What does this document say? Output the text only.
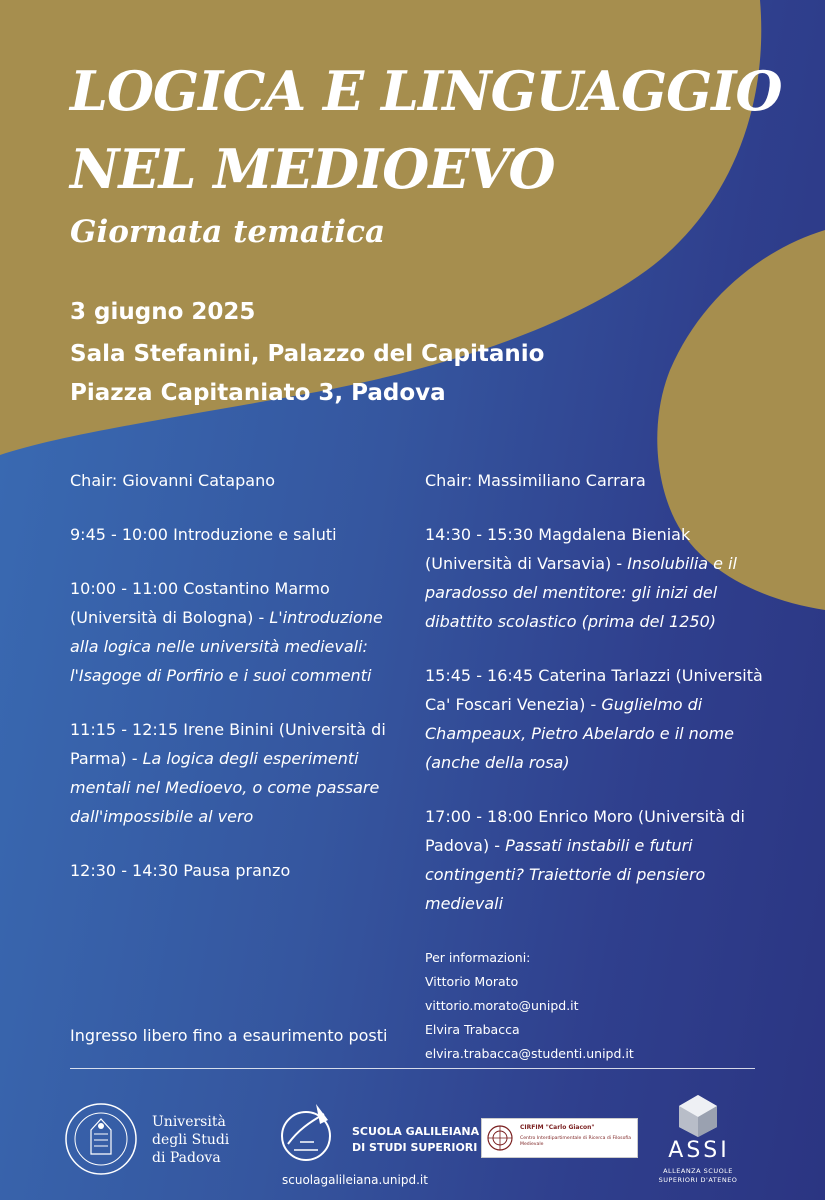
LOGICA E LINGUAGGIO
NEL MEDIOEVO
Giornata tematica
3 giugno 2025
Sala Stefanini, Palazzo del Capitanio
Piazza Capitaniato 3, Padova

Chair: Giovanni Catapano

9:45 - 10:00 Introduzione e saluti

10:00 - 11:00 Costantino Marmo (Università di Bologna) - L'introduzione alla logica nelle università medievali: l'Isagoge di Porfirio e i suoi commenti

11:15 - 12:15 Irene Binini (Università di Parma) - La logica degli esperimenti mentali nel Medioevo, o come passare dall'impossibile al vero

12:30 - 14:30 Pausa pranzo

Chair: Massimiliano Carrara

14:30 - 15:30 Magdalena Bieniak (Università di Varsavia) - Insolubilia e il paradosso del mentitore: gli inizi del dibattito scolastico (prima del 1250)

15:45 - 16:45 Caterina Tarlazzi (Università Ca' Foscari Venezia) - Guglielmo di Champeaux, Pietro Abelardo e il nome (anche della rosa)

17:00 - 18:00 Enrico Moro (Università di Padova) - Passati instabili e futuri contingenti? Traiettorie di pensiero medievali

Per informazioni:
Vittorio Morato
vittorio.morato@unipd.it
Elvira Trabacca
elvira.trabacca@studenti.unipd.it
Ingresso libero fino a esaurimento posti
Università
degli Studi
di Padova
SCUOLA GALILEIANA
DI STUDI SUPERIORI
scuolagalileiana.unipd.it
CIRFIM "Carlo Giacon"
Centro Interdipartimentale di Ricerca di Filosofia Medievale	ASSI
ALLEANZA SCUOLE
SUPERIORI D'ATENEO
